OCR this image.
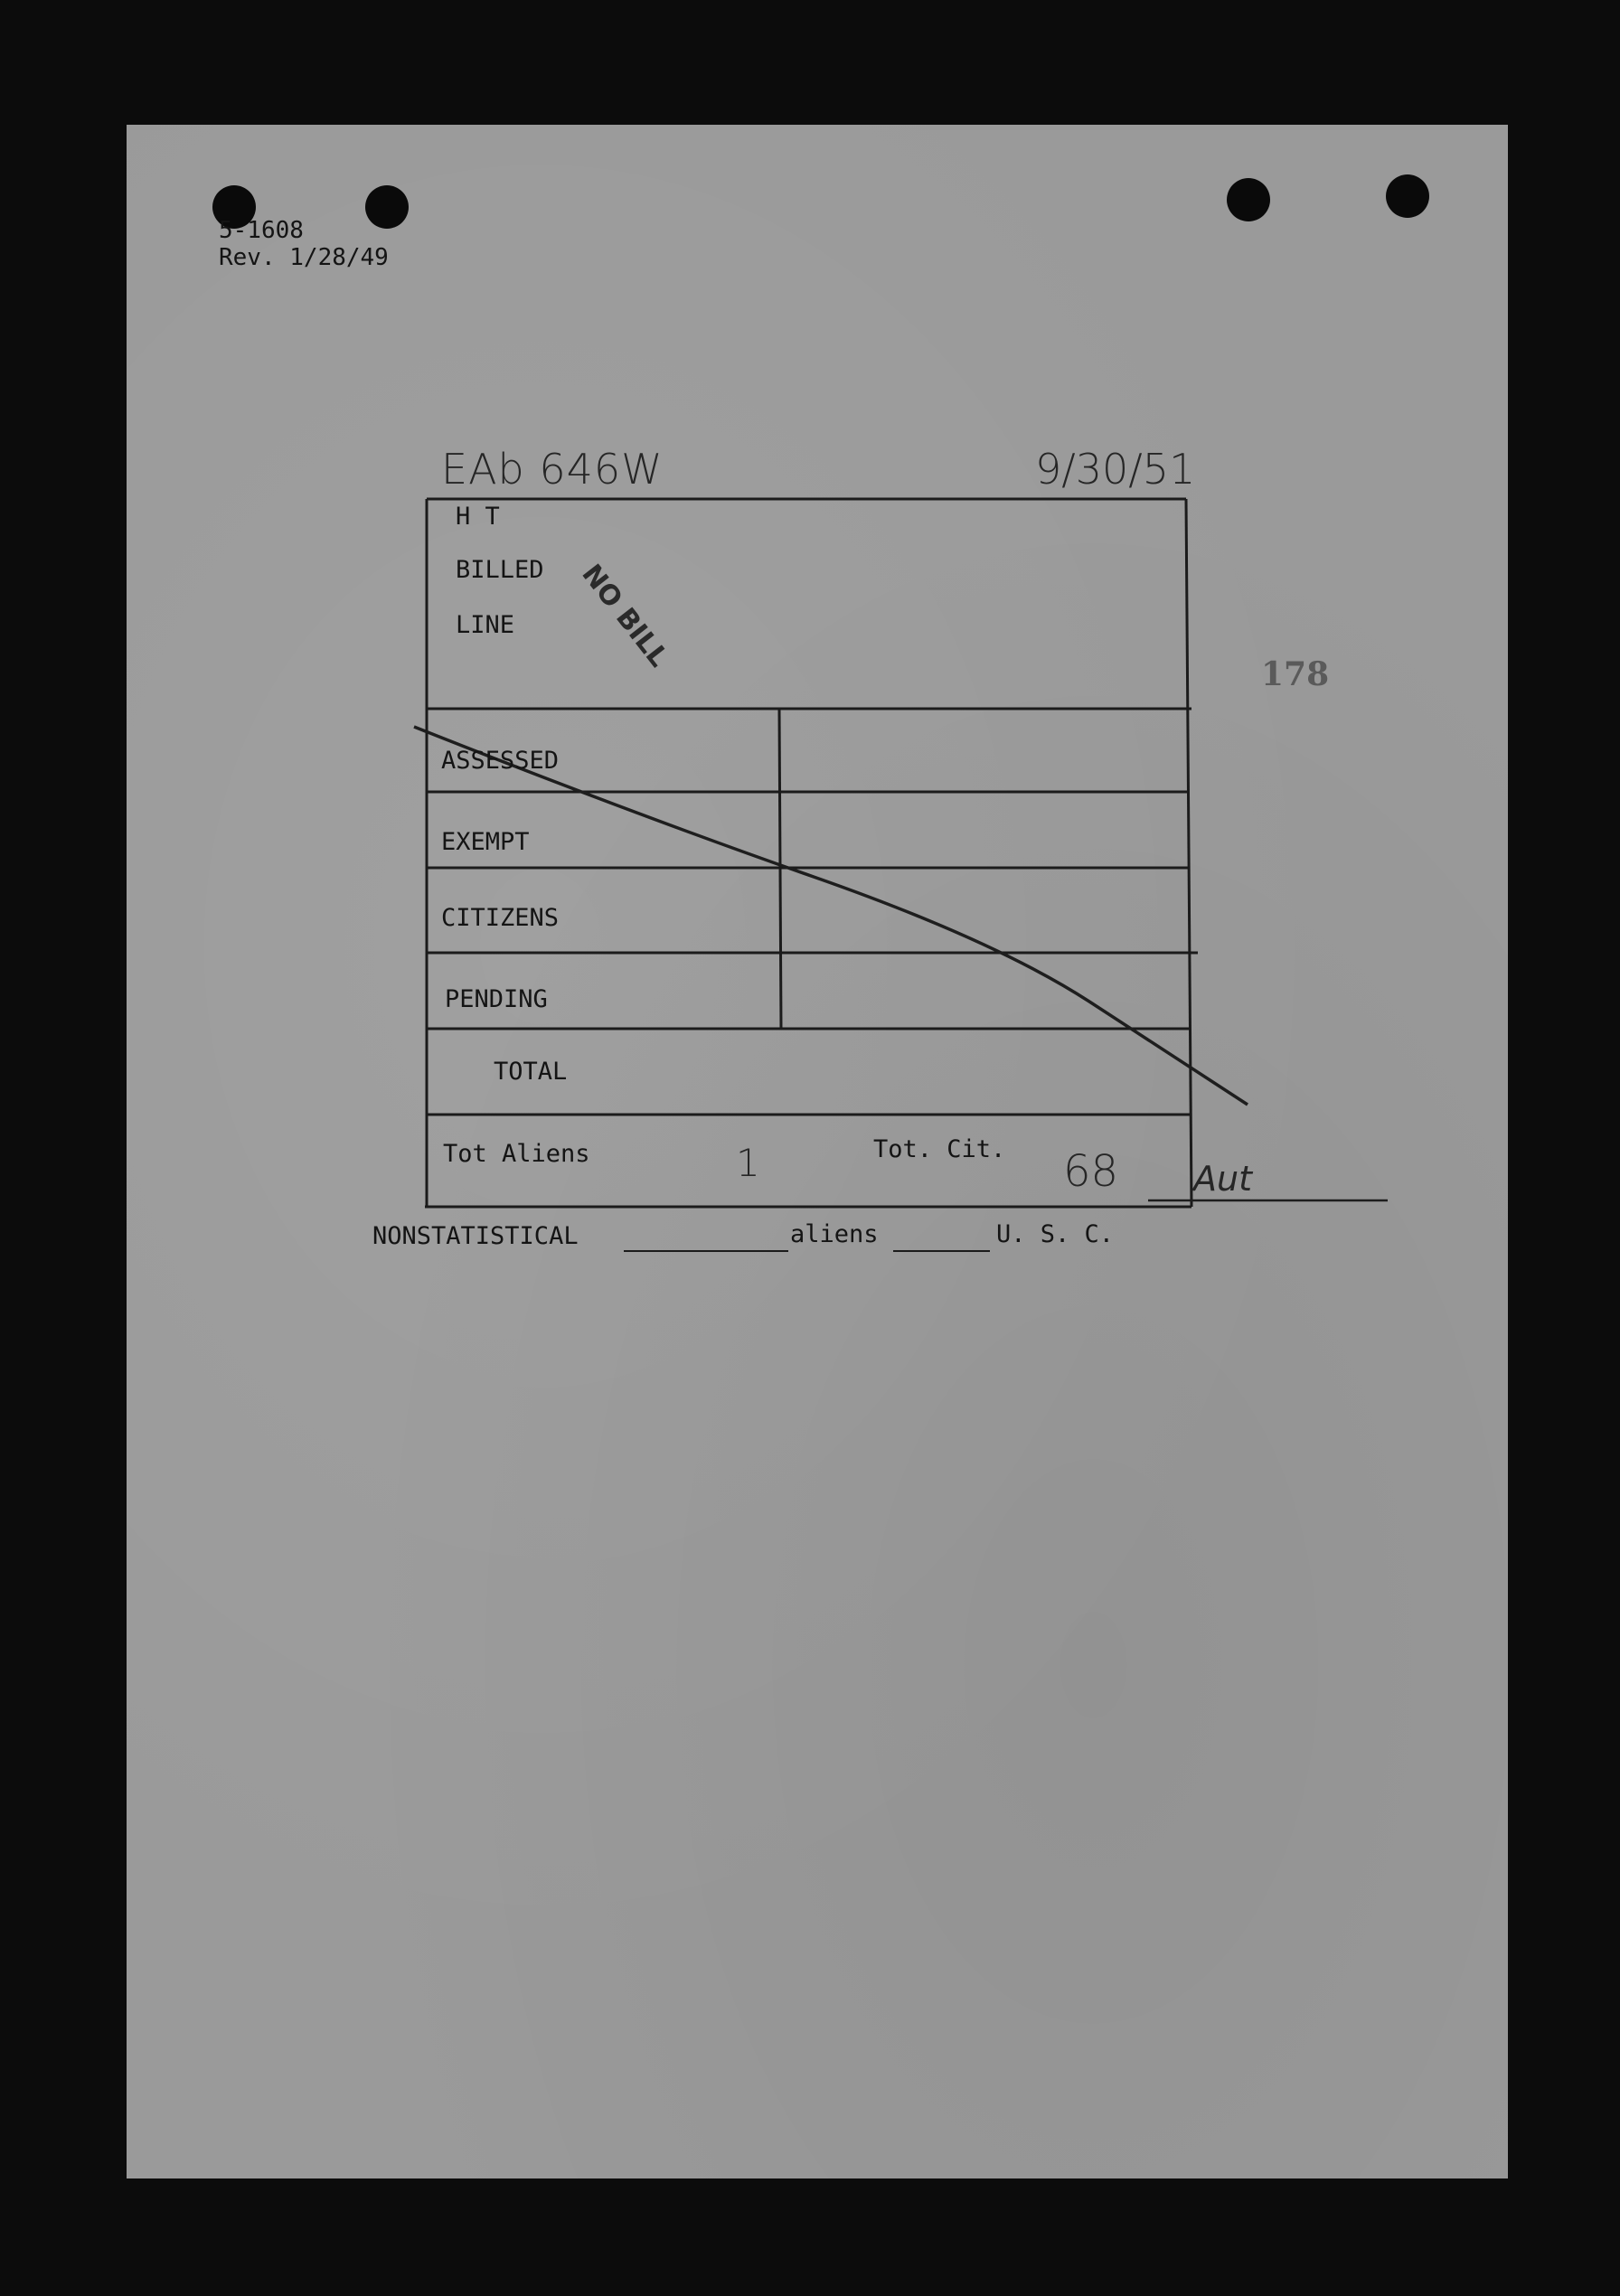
5-1608
Rev. 1/28/49
EAb 646W	9/30/51
H T
BILLED
LINE NO BILL
178
ASSESSED
EXEMPT
CITIZENS
PENDING
TOTAL
Tot Aliens	1	Tot. Cit. 68 Aut
NONSTATISTICAL	aliens	U. S. C.
